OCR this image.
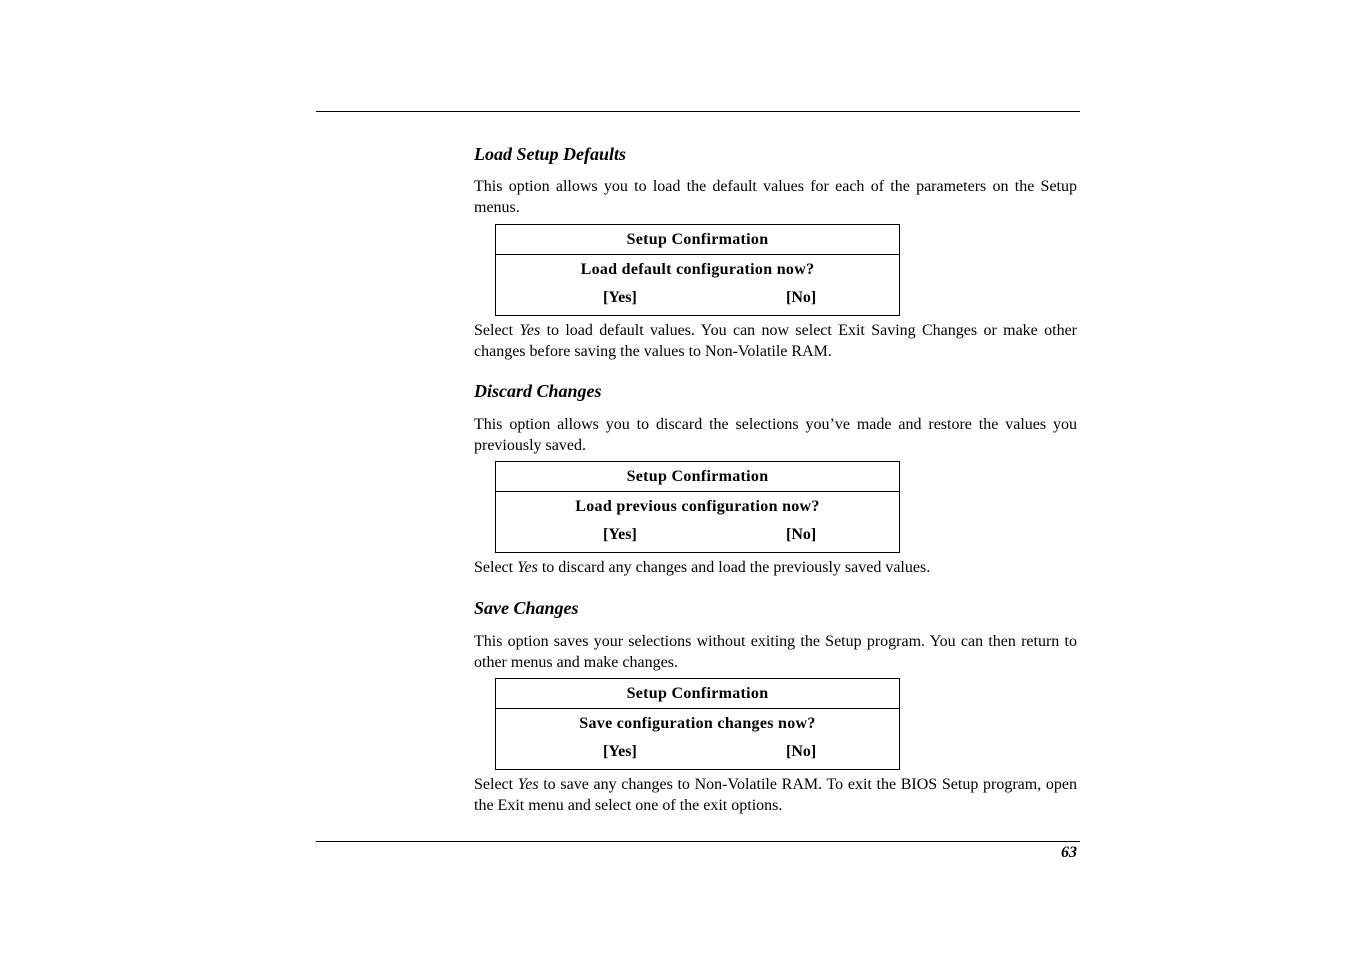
Load Setup Defaults

This option allows you to load the default values for each of the parameters on the Setup menus.

Setup Confirmation
Load default configuration now?
[Yes]	[No]

Select Yes to load default values. You can now select Exit Saving Changes or make other changes before saving the values to Non-Volatile RAM.

Discard Changes

This option allows you to discard the selections you’ve made and restore the values you previously saved.

Setup Confirmation
Load previous configuration now?
[Yes]	[No]

Select Yes to discard any changes and load the previously saved values.

Save Changes

This option saves your selections without exiting the Setup program. You can then return to other menus and make changes.

Setup Confirmation
Save configuration changes now?
[Yes]	[No]

Select Yes to save any changes to Non-Volatile RAM. To exit the BIOS Setup program, open the Exit menu and select one of the exit options.

63
